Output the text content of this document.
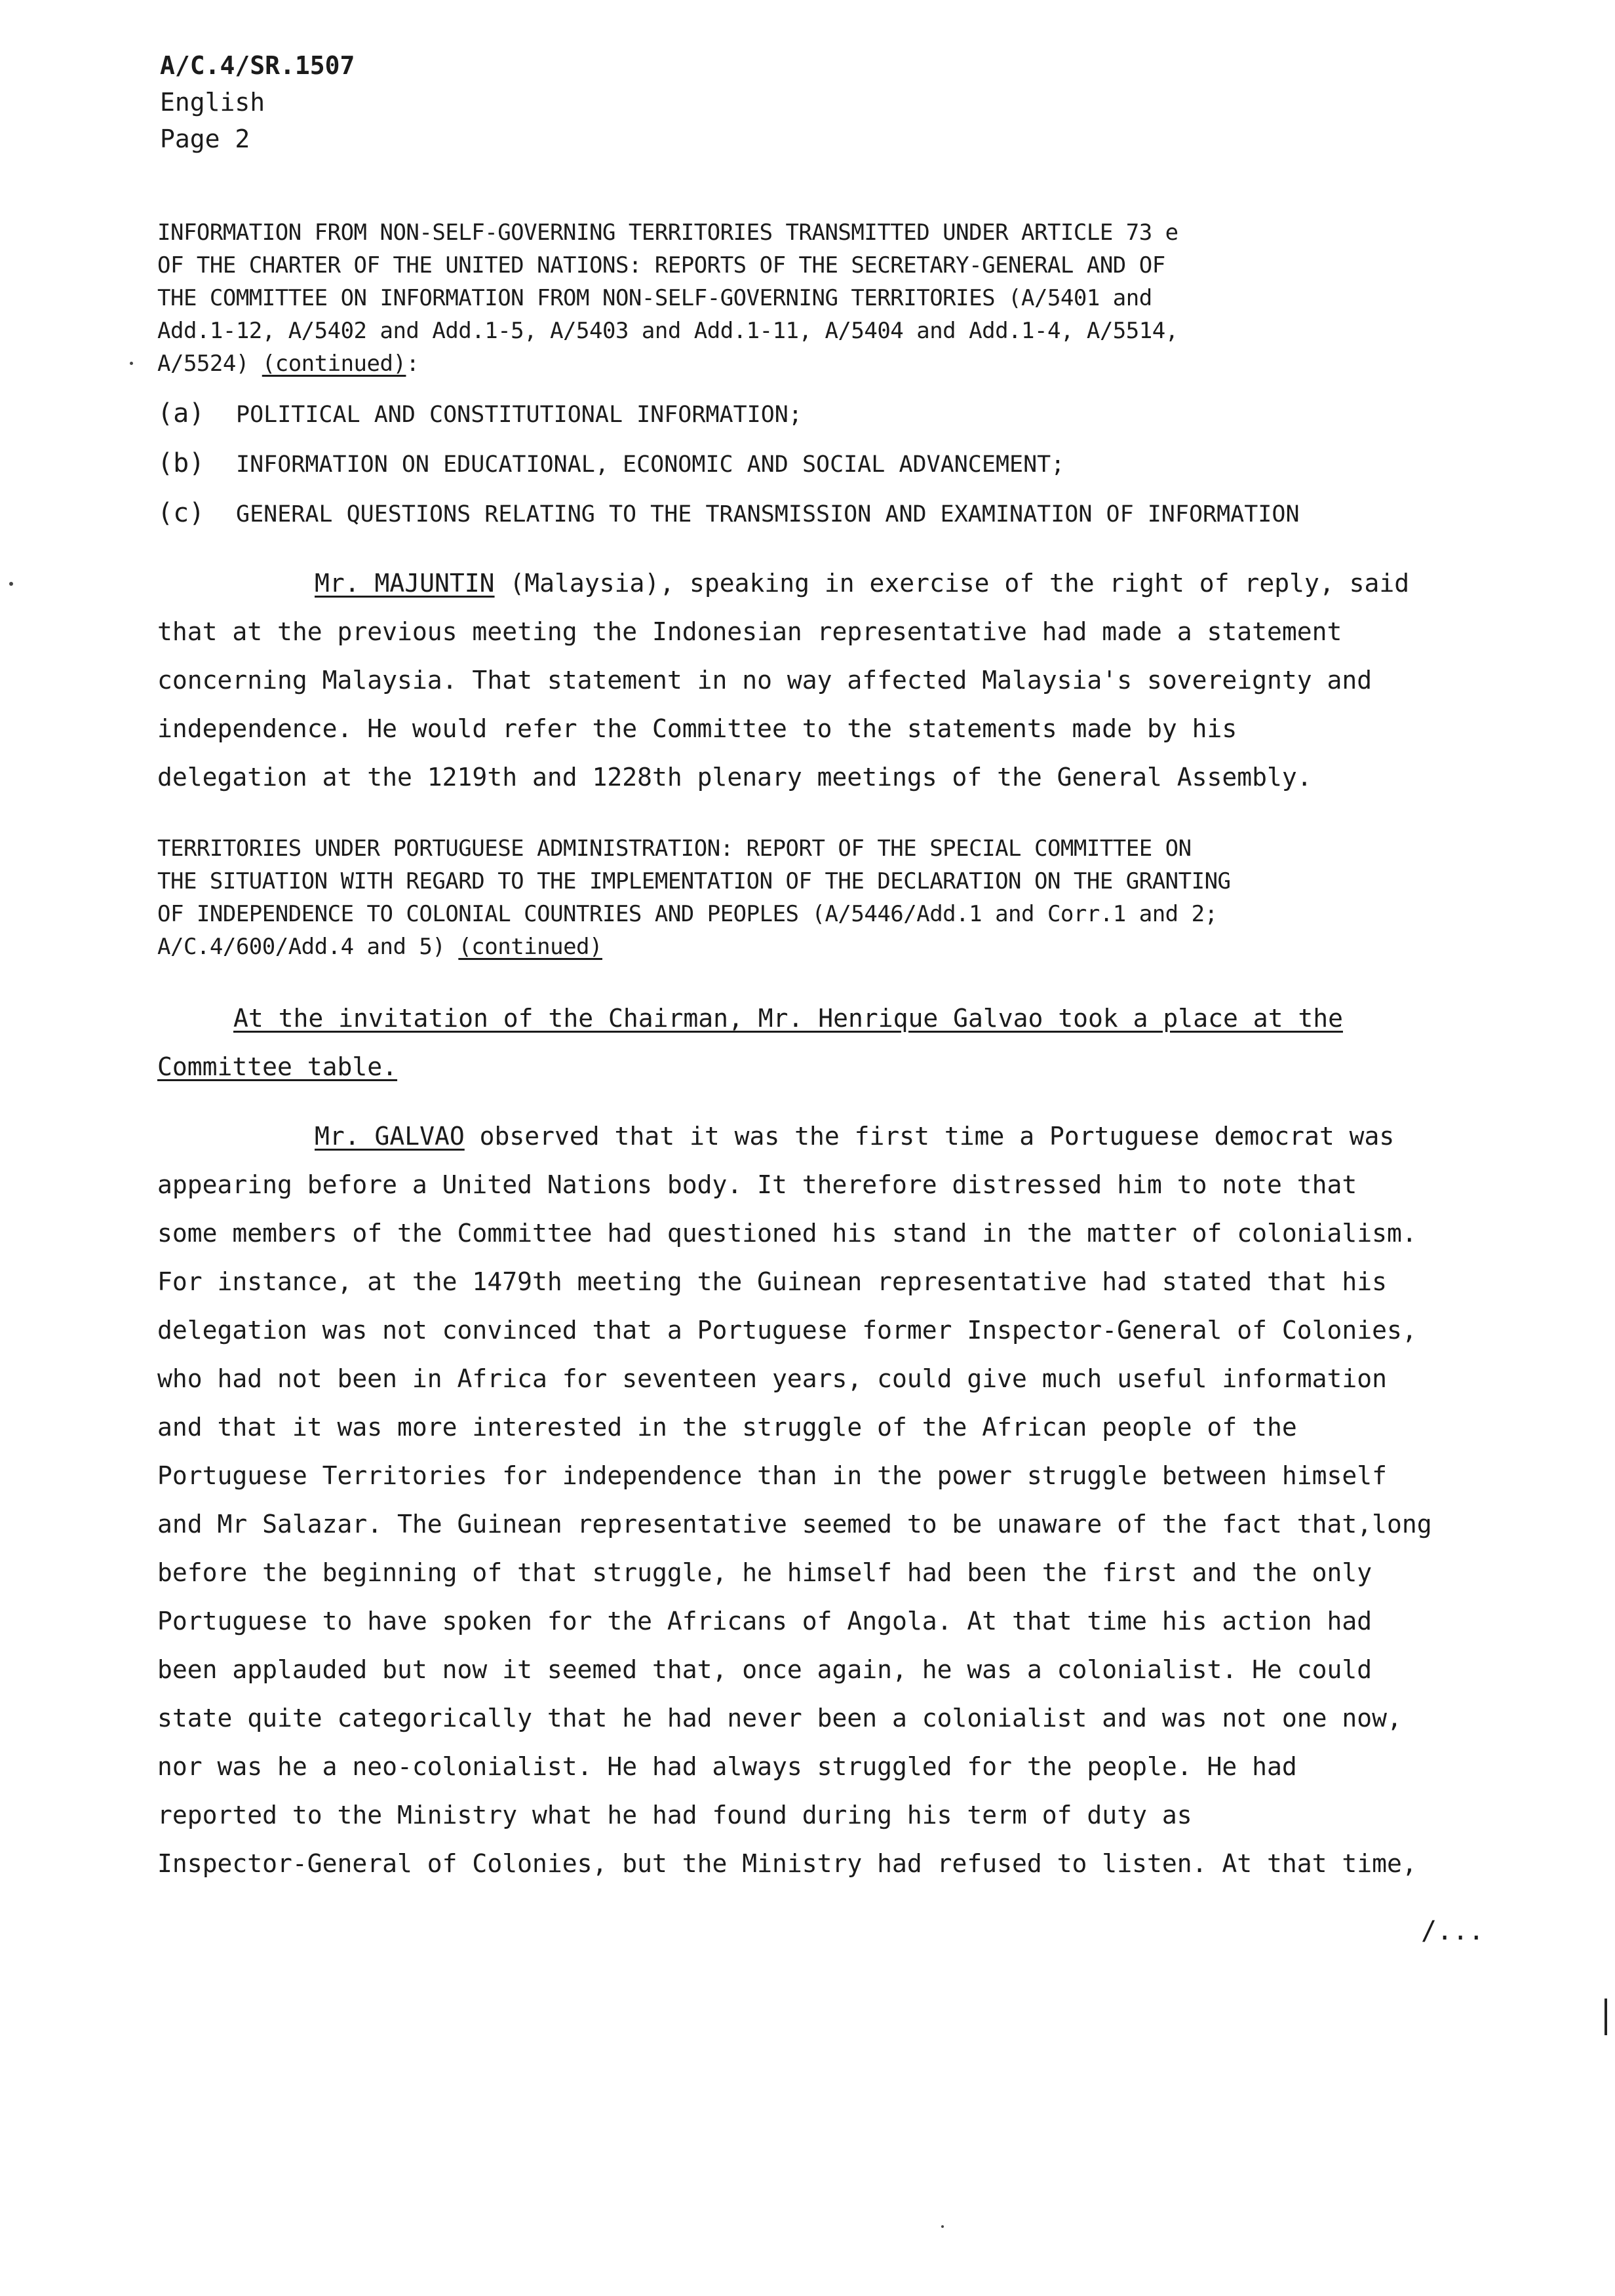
A/C.4/SR.1507
English
Page 2
INFORMATION FROM NON-SELF-GOVERNING TERRITORIES TRANSMITTED UNDER ARTICLE 73 e
OF THE CHARTER OF THE UNITED NATIONS: REPORTS OF THE SECRETARY-GENERAL AND OF
THE COMMITTEE ON INFORMATION FROM NON-SELF-GOVERNING TERRITORIES (A/5401 and
Add.1-12, A/5402 and Add.1-5, A/5403 and Add.1-11, A/5404 and Add.1-4, A/5514,
A/5524) (continued):
(a) POLITICAL AND CONSTITUTIONAL INFORMATION;
(b) INFORMATION ON EDUCATIONAL, ECONOMIC AND SOCIAL ADVANCEMENT;
(c) GENERAL QUESTIONS RELATING TO THE TRANSMISSION AND EXAMINATION OF INFORMATION
Mr. MAJUNTIN (Malaysia), speaking in exercise of the right of reply, said
that at the previous meeting the Indonesian representative had made a statement
concerning Malaysia. That statement in no way affected Malaysia's sovereignty and
independence. He would refer the Committee to the statements made by his
delegation at the 1219th and 1228th plenary meetings of the General Assembly.
TERRITORIES UNDER PORTUGUESE ADMINISTRATION: REPORT OF THE SPECIAL COMMITTEE ON
THE SITUATION WITH REGARD TO THE IMPLEMENTATION OF THE DECLARATION ON THE GRANTING
OF INDEPENDENCE TO COLONIAL COUNTRIES AND PEOPLES (A/5446/Add.1 and Corr.1 and 2;
A/C.4/600/Add.4 and 5) (continued)
At the invitation of the Chairman, Mr. Henrique Galvao took a place at the
Committee table.
Mr. GALVAO observed that it was the first time a Portuguese democrat was
appearing before a United Nations body. It therefore distressed him to note that
some members of the Committee had questioned his stand in the matter of colonialism.
For instance, at the 1479th meeting the Guinean representative had stated that his
delegation was not convinced that a Portuguese former Inspector-General of Colonies,
who had not been in Africa for seventeen years, could give much useful information
and that it was more interested in the struggle of the African people of the
Portuguese Territories for independence than in the power struggle between himself
and Mr Salazar. The Guinean representative seemed to be unaware of the fact that,long
before the beginning of that struggle, he himself had been the first and the only
Portuguese to have spoken for the Africans of Angola. At that time his action had
been applauded but now it seemed that, once again, he was a colonialist. He could
state quite categorically that he had never been a colonialist and was not one now,
nor was he a neo-colonialist. He had always struggled for the people. He had
reported to the Ministry what he had found during his term of duty as
Inspector-General of Colonies, but the Ministry had refused to listen. At that time,
/...
